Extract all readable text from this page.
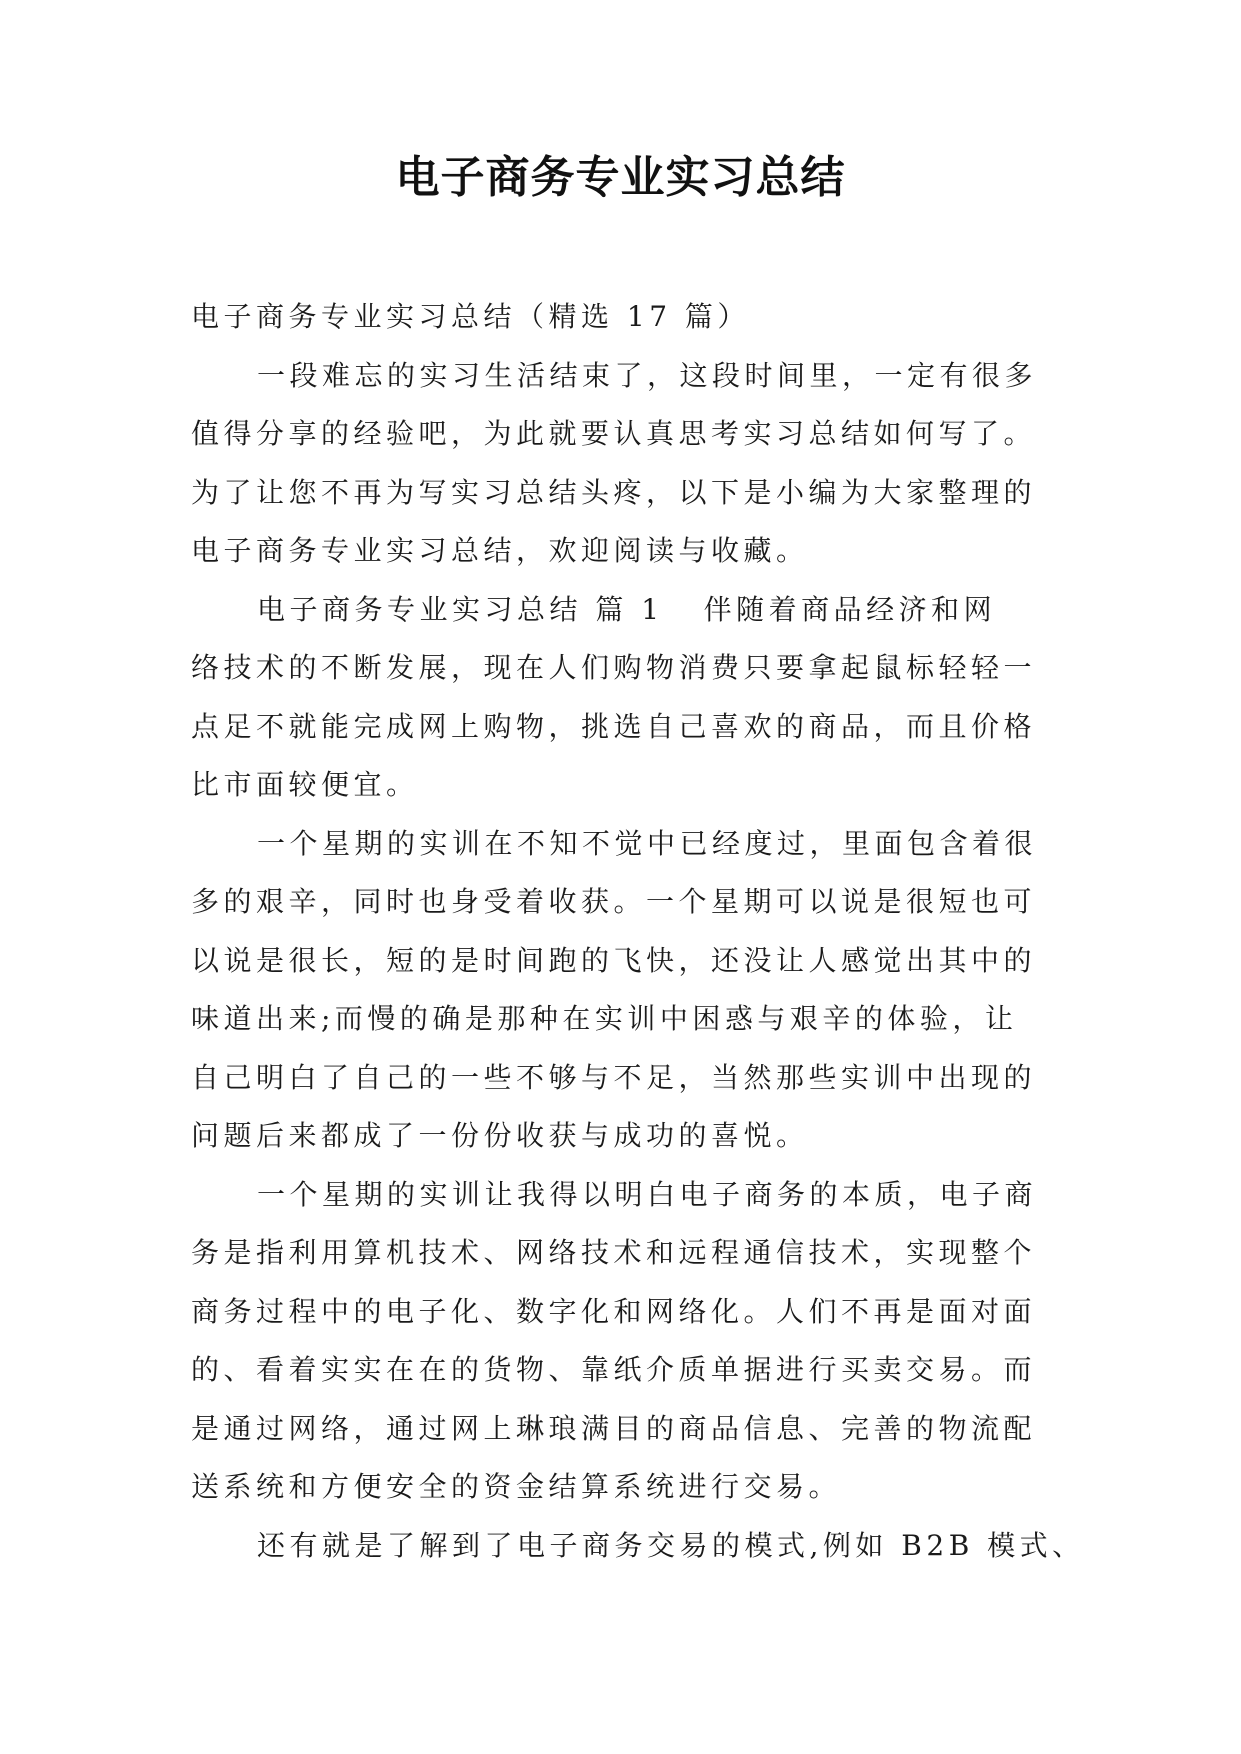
电子商务专业实习总结
电子商务专业实习总结（精选 17 篇）
一段难忘的实习生活结束了，这段时间里，一定有很多
值得分享的经验吧，为此就要认真思考实习总结如何写了。
为了让您不再为写实习总结头疼，以下是小编为大家整理的
电子商务专业实习总结，欢迎阅读与收藏。
电子商务专业实习总结 篇 1 伴随着商品经济和网
络技术的不断发展，现在人们购物消费只要拿起鼠标轻轻一
点足不就能完成网上购物，挑选自己喜欢的商品，而且价格
比市面较便宜。
一个星期的实训在不知不觉中已经度过，里面包含着很
多的艰辛，同时也身受着收获。一个星期可以说是很短也可
以说是很长，短的是时间跑的飞快，还没让人感觉出其中的
味道出来;而慢的确是那种在实训中困惑与艰辛的体验，让
自己明白了自己的一些不够与不足，当然那些实训中出现的
问题后来都成了一份份收获与成功的喜悦。
一个星期的实训让我得以明白电子商务的本质，电子商
务是指利用算机技术、网络技术和远程通信技术，实现整个
商务过程中的电子化、数字化和网络化。人们不再是面对面
的、看着实实在在的货物、靠纸介质单据进行买卖交易。而
是通过网络，通过网上琳琅满目的商品信息、完善的物流配
送系统和方便安全的资金结算系统进行交易。
还有就是了解到了电子商务交易的模式,例如 B2B 模式、
